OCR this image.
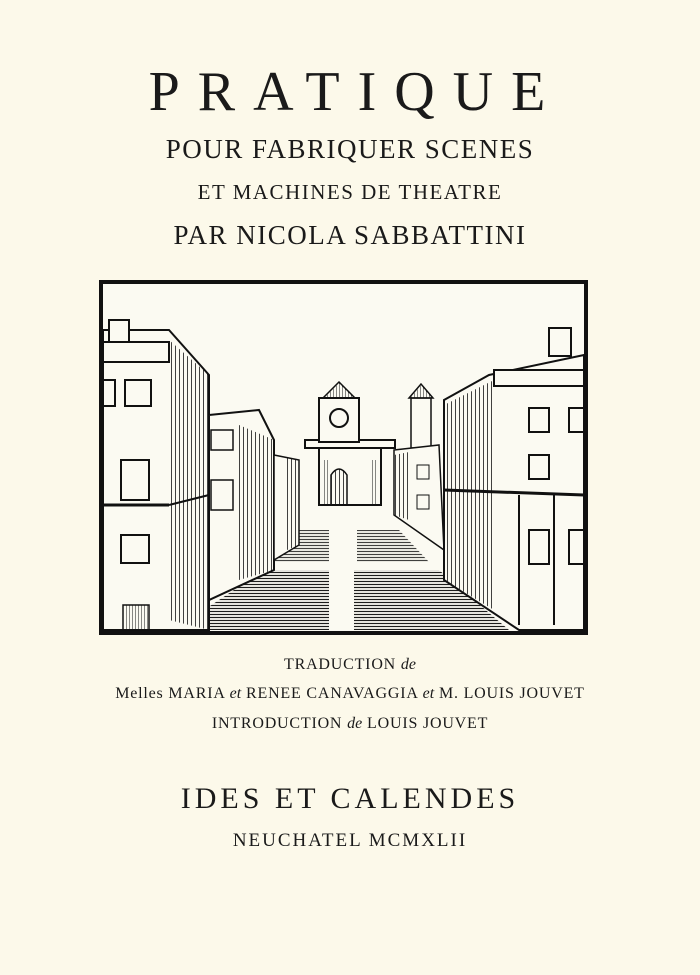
PRATIQUE
POUR FABRIQUER SCENES
ET MACHINES DE THEATRE
PAR NICOLA SABBATTINI
TRADUCTION de
Melles MARIA et RENEE CANAVAGGIA et M. LOUIS JOUVET
INTRODUCTION de LOUIS JOUVET
IDES ET CALENDES
NEUCHATEL MCMXLII
